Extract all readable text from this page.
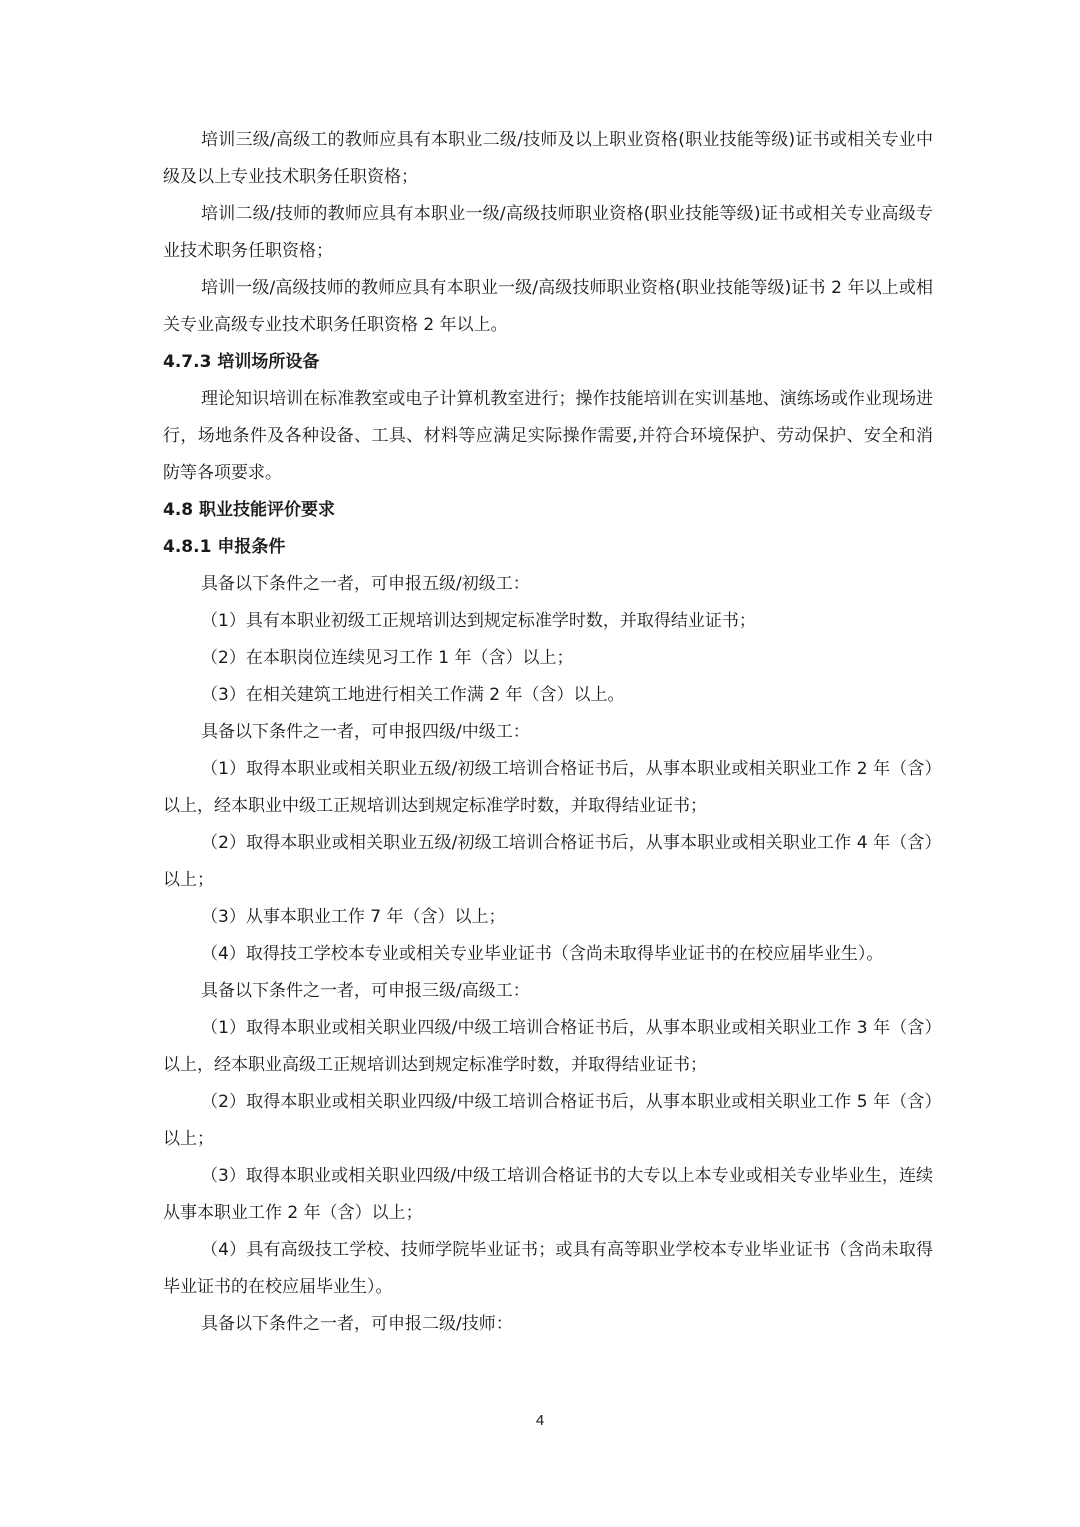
培训三级/高级工的教师应具有本职业二级/技师及以上职业资格(职业技能等级)证书或相关专业中级及以上专业技术职务任职资格；

培训二级/技师的教师应具有本职业一级/高级技师职业资格(职业技能等级)证书或相关专业高级专业技术职务任职资格；

培训一级/高级技师的教师应具有本职业一级/高级技师职业资格(职业技能等级)证书 2 年以上或相关专业高级专业技术职务任职资格 2 年以上。

4.7.3 培训场所设备

理论知识培训在标准教室或电子计算机教室进行；操作技能培训在实训基地、演练场或作业现场进行，场地条件及各种设备、工具、材料等应满足实际操作需要,并符合环境保护、劳动保护、安全和消防等各项要求。

4.8 职业技能评价要求

4.8.1 申报条件

具备以下条件之一者，可申报五级/初级工：

（1）具有本职业初级工正规培训达到规定标准学时数，并取得结业证书；

（2）在本职岗位连续见习工作 1 年（含）以上；

（3）在相关建筑工地进行相关工作满 2 年（含）以上。

具备以下条件之一者，可申报四级/中级工：

（1）取得本职业或相关职业五级/初级工培训合格证书后，从事本职业或相关职业工作 2 年（含）以上，经本职业中级工正规培训达到规定标准学时数，并取得结业证书；

（2）取得本职业或相关职业五级/初级工培训合格证书后，从事本职业或相关职业工作 4 年（含）以上；

（3）从事本职业工作 7 年（含）以上；

（4）取得技工学校本专业或相关专业毕业证书（含尚未取得毕业证书的在校应届毕业生）。

具备以下条件之一者，可申报三级/高级工：

（1）取得本职业或相关职业四级/中级工培训合格证书后，从事本职业或相关职业工作 3 年（含）以上，经本职业高级工正规培训达到规定标准学时数，并取得结业证书；

（2）取得本职业或相关职业四级/中级工培训合格证书后，从事本职业或相关职业工作 5 年（含）以上；

（3）取得本职业或相关职业四级/中级工培训合格证书的大专以上本专业或相关专业毕业生，连续从事本职业工作 2 年（含）以上；

（4）具有高级技工学校、技师学院毕业证书；或具有高等职业学校本专业毕业证书（含尚未取得毕业证书的在校应届毕业生）。

具备以下条件之一者，可申报二级/技师：

4
